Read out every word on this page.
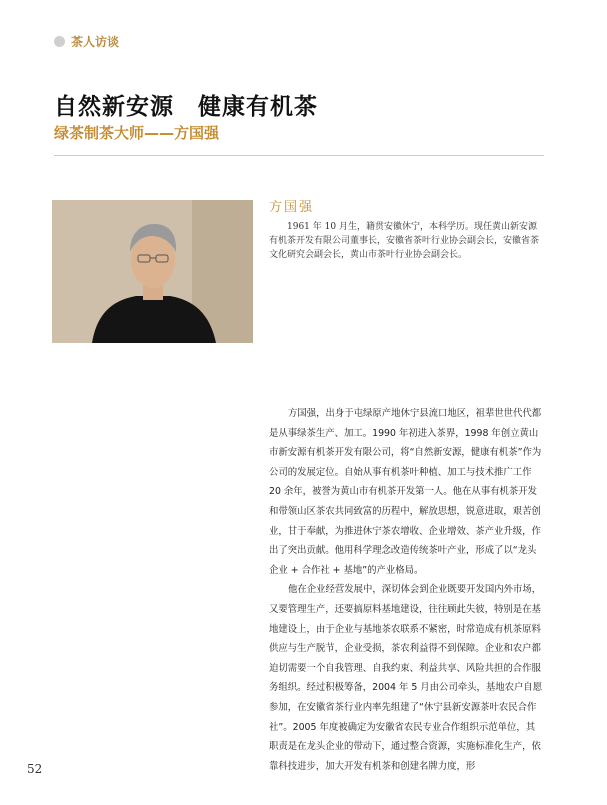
茶人访谈
自然新安源　健康有机茶
绿茶制茶大师——方国强
方国强
1961 年 10 月生，籍贯安徽休宁，本科学历。现任黄山新安源有机茶开发有限公司董事长，安徽省茶叶行业协会副会长，安徽省茶文化研究会副会长，黄山市茶叶行业协会副会长。

方国强，出身于屯绿原产地休宁县流口地区，祖辈世世代代都是从事绿茶生产、加工。1990 年初进入茶界，1998 年创立黄山市新安源有机茶开发有限公司，将“自然新安源，健康有机茶”作为公司的发展定位。自始从事有机茶叶种植、加工与技术推广工作 20 余年，被誉为黄山市有机茶开发第一人。他在从事有机茶开发和带领山区茶农共同致富的历程中，解放思想，锐意进取，艰苦创业，甘于奉献，为推进休宁茶农增收、企业增效、茶产业升级，作出了突出贡献。他用科学理念改造传统茶叶产业，形成了以“龙头企业 + 合作社 + 基地”的产业格局。

他在企业经营发展中，深切体会到企业既要开发国内外市场，又要管理生产，还要搞原料基地建设，往往顾此失彼，特别是在基地建设上，由于企业与基地茶农联系不紧密，时常造成有机茶原料供应与生产脱节，企业受损，茶农利益得不到保障。企业和农户都迫切需要一个自我管理、自我约束、利益共享、风险共担的合作服务组织。经过积极筹备，2004 年 5 月由公司牵头，基地农户自愿参加，在安徽省茶行业内率先组建了“休宁县新安源茶叶农民合作社”。2005 年度被确定为安徽省农民专业合作组织示范单位，其职责是在龙头企业的带动下，通过整合资源，实施标准化生产，依靠科技进步，加大开发有机茶和创建名牌力度，形

52
